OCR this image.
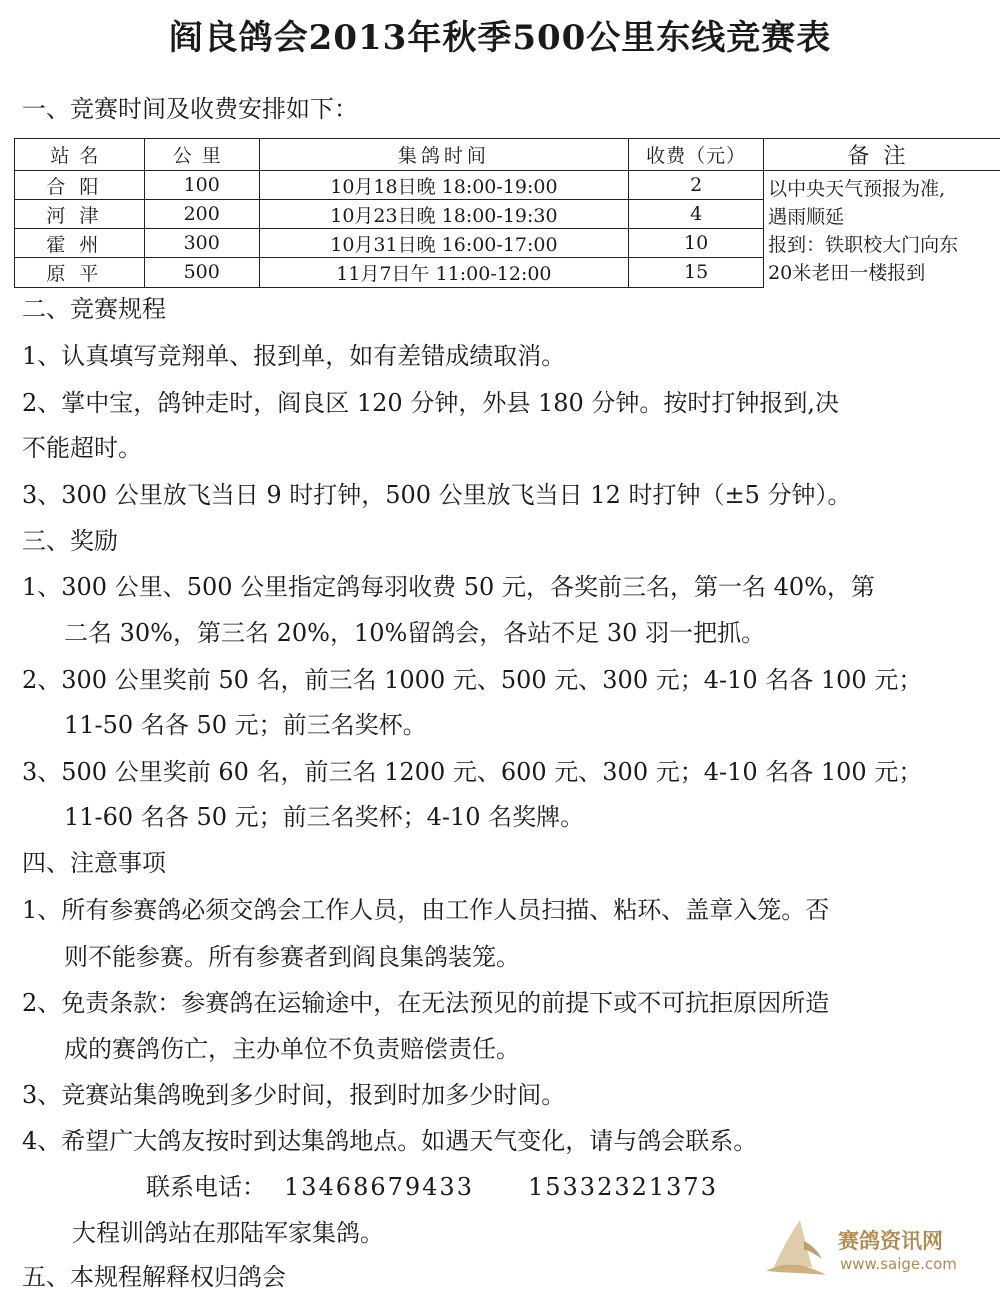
阎良鸽会2013年秋季500公里东线竞赛表
一、竞赛时间及收费安排如下：
站名	公里	集鸽时间	收费（元）	备注
合阳	100	10月18日晚 18:00-19:00	2	以中央天气预报为准,
遇雨顺延
报到：铁职校大门向东
20米老田一楼报到

河津	200	10月23日晚 18:00-19:30	4	
霍州	300	10月31日晚 16:00-17:00	10	
原平	500	11月7日午 11:00-12:00	15	
二、竞赛规程
1、认真填写竞翔单、报到单，如有差错成绩取消。
2、掌中宝，鸽钟走时，阎良区 120 分钟，外县 180 分钟。按时打钟报到,决
不能超时。
3、300 公里放飞当日 9 时打钟，500 公里放飞当日 12 时打钟（±5 分钟）。
三、奖励
1、300 公里、500 公里指定鸽每羽收费 50 元，各奖前三名，第一名 40%，第
二名 30%，第三名 20%，10%留鸽会，各站不足 30 羽一把抓。
2、300 公里奖前 50 名，前三名 1000 元、500 元、300 元；4-10 名各 100 元；
11-50 名各 50 元；前三名奖杯。
3、500 公里奖前 60 名，前三名 1200 元、600 元、300 元；4-10 名各 100 元；
11-60 名各 50 元；前三名奖杯；4-10 名奖牌。
四、注意事项
1、所有参赛鸽必须交鸽会工作人员，由工作人员扫描、粘环、盖章入笼。否
则不能参赛。所有参赛者到阎良集鸽装笼。
2、免责条款：参赛鸽在运输途中，在无法预见的前提下或不可抗拒原因所造
成的赛鸽伤亡，主办单位不负责赔偿责任。
3、竞赛站集鸽晚到多少时间，报到时加多少时间。
4、希望广大鸽友按时到达集鸽地点。如遇天气变化，请与鸽会联系。
联系电话： 13468679433 15332321373
大程训鸽站在那陆军家集鸽。
五、本规程解释权归鸽会
赛鸽资讯网
www.saige.com
